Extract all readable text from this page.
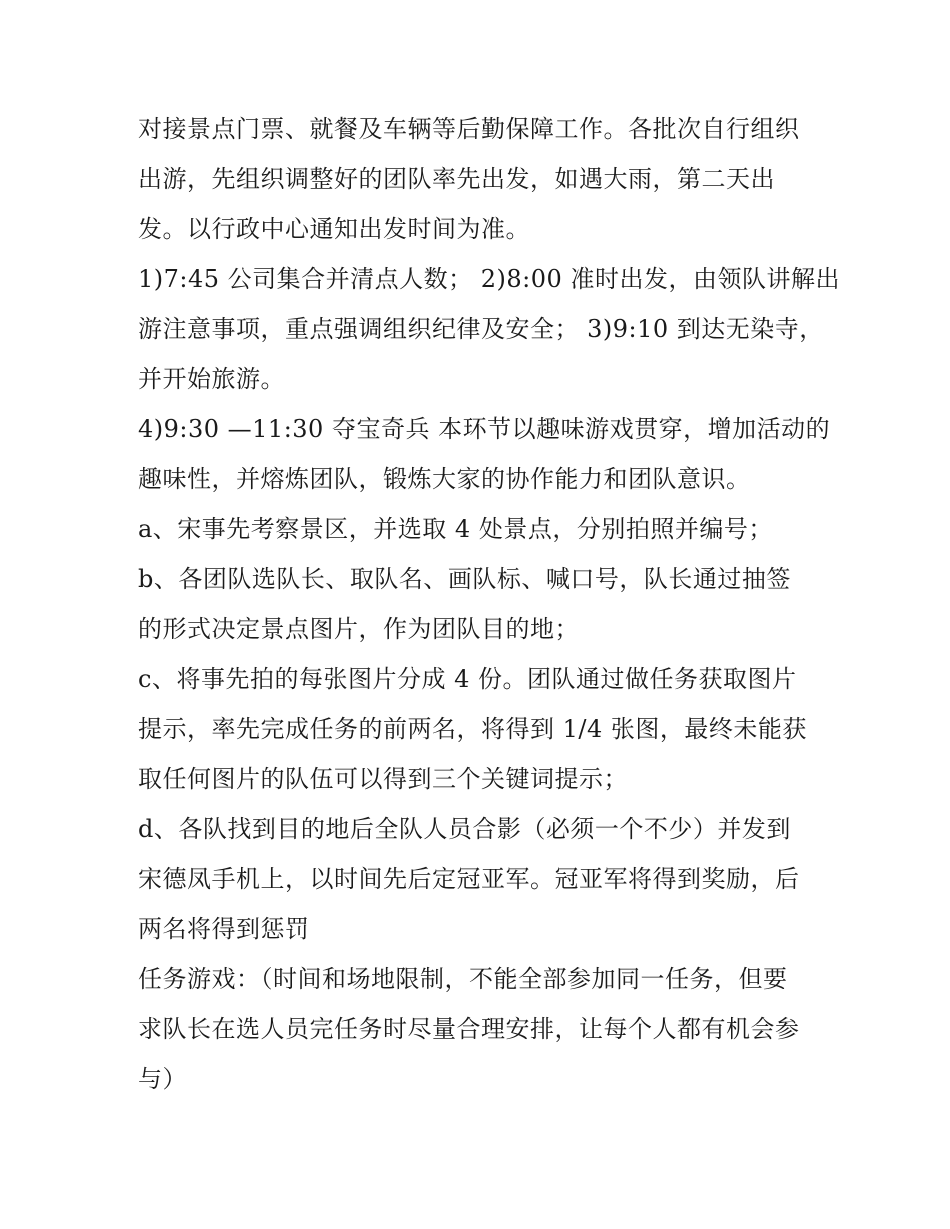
对接景点门票、就餐及车辆等后勤保障工作。各批次自行组织
出游，先组织调整好的团队率先出发，如遇大雨，第二天出
发。以行政中心通知出发时间为准。
1)7:45 公司集合并清点人数； 2)8:00 准时出发，由领队讲解出
游注意事项，重点强调组织纪律及安全； 3)9:10 到达无染寺，
并开始旅游。
4)9:30 —11:30 夺宝奇兵 本环节以趣味游戏贯穿，增加活动的
趣味性，并熔炼团队，锻炼大家的协作能力和团队意识。
a、宋事先考察景区，并选取 4 处景点，分别拍照并编号；
b、各团队选队长、取队名、画队标、喊口号，队长通过抽签
的形式决定景点图片，作为团队目的地；
c、将事先拍的每张图片分成 4 份。团队通过做任务获取图片
提示，率先完成任务的前两名，将得到 1/4 张图，最终未能获
取任何图片的队伍可以得到三个关键词提示；
d、各队找到目的地后全队人员合影（必须一个不少）并发到
宋德凤手机上，以时间先后定冠亚军。冠亚军将得到奖励，后
两名将得到惩罚
任务游戏：（时间和场地限制，不能全部参加同一任务，但要
求队长在选人员完任务时尽量合理安排，让每个人都有机会参
与）
